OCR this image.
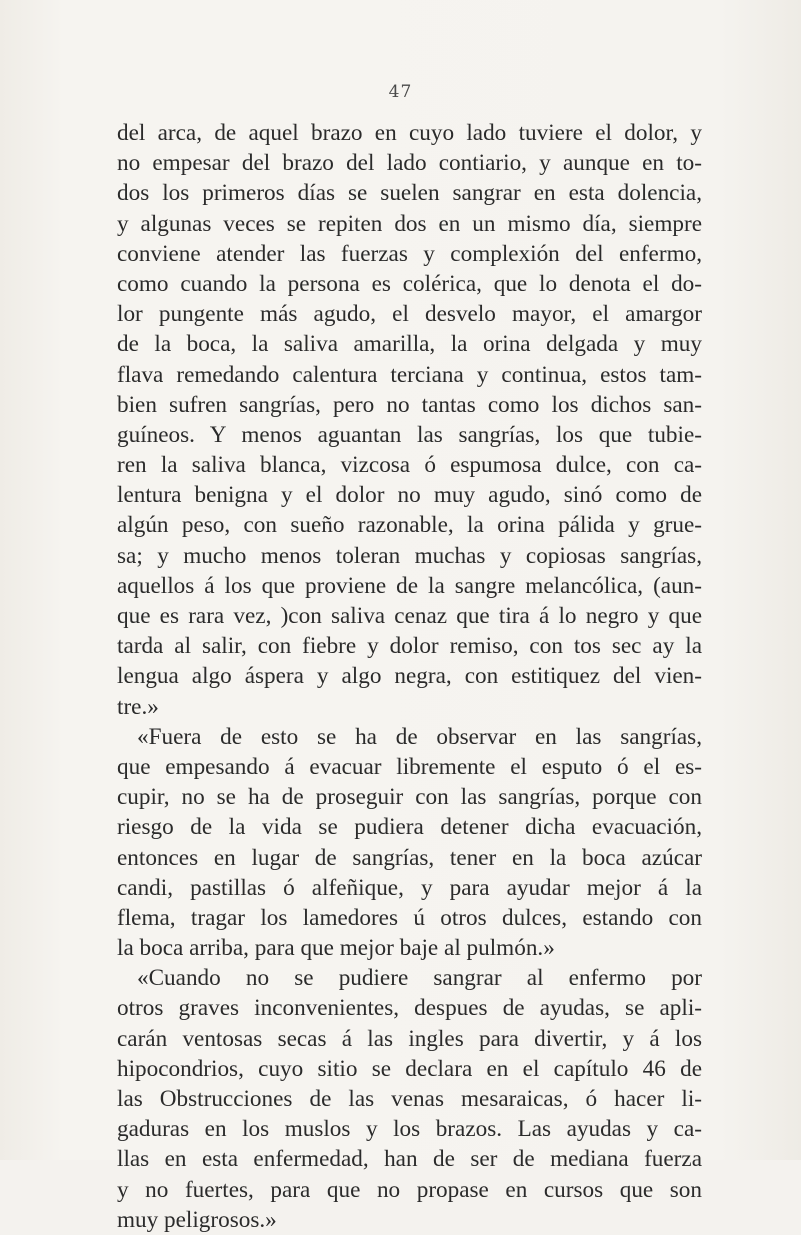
47
del arca, de aquel brazo en cuyo lado tuviere el dolor, y
no empesar del brazo del lado contiario, y aunque en to-
dos los primeros días se suelen sangrar en esta dolencia,
y algunas veces se repiten dos en un mismo día, siempre
conviene atender las fuerzas y complexión del enfermo,
como cuando la persona es colérica, que lo denota el do-
lor pungente más agudo, el desvelo mayor, el amargor
de la boca, la saliva amarilla, la orina delgada y muy
flava remedando calentura terciana y continua, estos tam-
bien sufren sangrías, pero no tantas como los dichos san-
guíneos. Y menos aguantan las sangrías, los que tubie-
ren la saliva blanca, vizcosa ó espumosa dulce, con ca-
lentura benigna y el dolor no muy agudo, sinó como de
algún peso, con sueño razonable, la orina pálida y grue-
sa; y mucho menos toleran muchas y copiosas sangrías,
aquellos á los que proviene de la sangre melancólica, (aun-
que es rara vez, )con saliva cenaz que tira á lo negro y que
tarda al salir, con fiebre y dolor remiso, con tos sec ay la
lengua algo áspera y algo negra, con estitiquez del vien-
tre.»
«Fuera de esto se ha de observar en las sangrías,
que empesando á evacuar libremente el esputo ó el es-
cupir, no se ha de proseguir con las sangrías, porque con
riesgo de la vida se pudiera detener dicha evacuación,
entonces en lugar de sangrías, tener en la boca azúcar
candi, pastillas ó alfeñique, y para ayudar mejor á la
flema, tragar los lamedores ú otros dulces, estando con
la boca arriba, para que mejor baje al pulmón.»
«Cuando no se pudiere sangrar al enfermo por
otros graves inconvenientes, despues de ayudas, se apli-
carán ventosas secas á las ingles para divertir, y á los
hipocondrios, cuyo sitio se declara en el capítulo 46 de
las Obstrucciones de las venas mesaraicas, ó hacer li-
gaduras en los muslos y los brazos. Las ayudas y ca-
llas en esta enfermedad, han de ser de mediana fuerza
y no fuertes, para que no propase en cursos que son
muy peligrosos.»
